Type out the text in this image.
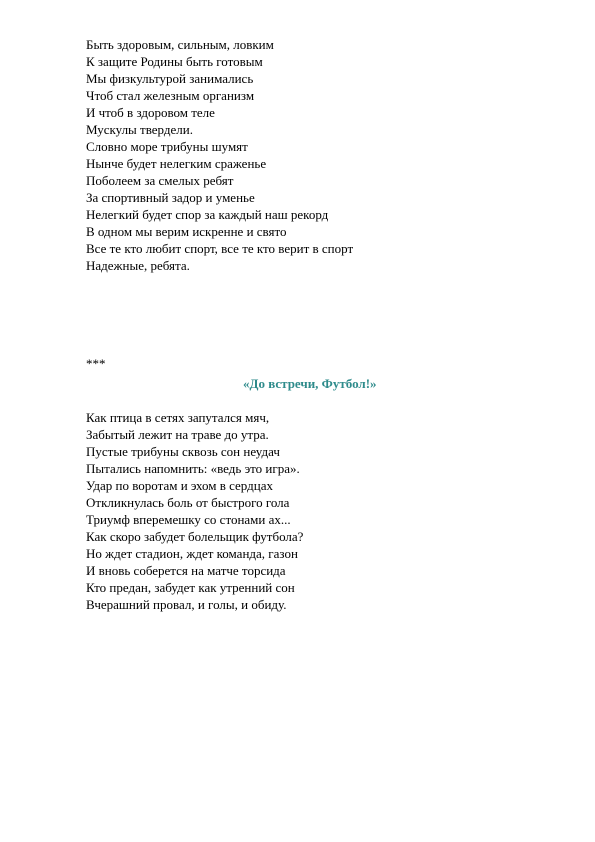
Быть здоровым, сильным, ловким
К защите Родины быть готовым
Мы физкультурой занимались
Чтоб стал железным организм
И чтоб в здоровом теле
Мускулы твердели.
Словно море трибуны шумят
Нынче будет нелегким сраженье
Поболеем за смелых ребят
За спортивный задор и уменье
Нелегкий будет спор за каждый наш рекорд
В одном мы верим искренне и свято
Все те кто любит спорт, все те кто верит в спорт
Надежные, ребята.
***
«До встречи, Футбол!»
Как птица в сетях запутался мяч,
Забытый лежит на траве до утра.
Пустые трибуны сквозь сон неудач
Пытались напомнить: «ведь это игра».
Удар по воротам и эхом в сердцах
Откликнулась боль от быстрого гола
Триумф вперемешку со стонами ах...
Как скоро забудет болельщик футбола?
Но ждет стадион, ждет команда, газон
И вновь соберется на матче торсида
Кто предан, забудет как утренний сон
Вчерашний провал, и голы, и обиду.
